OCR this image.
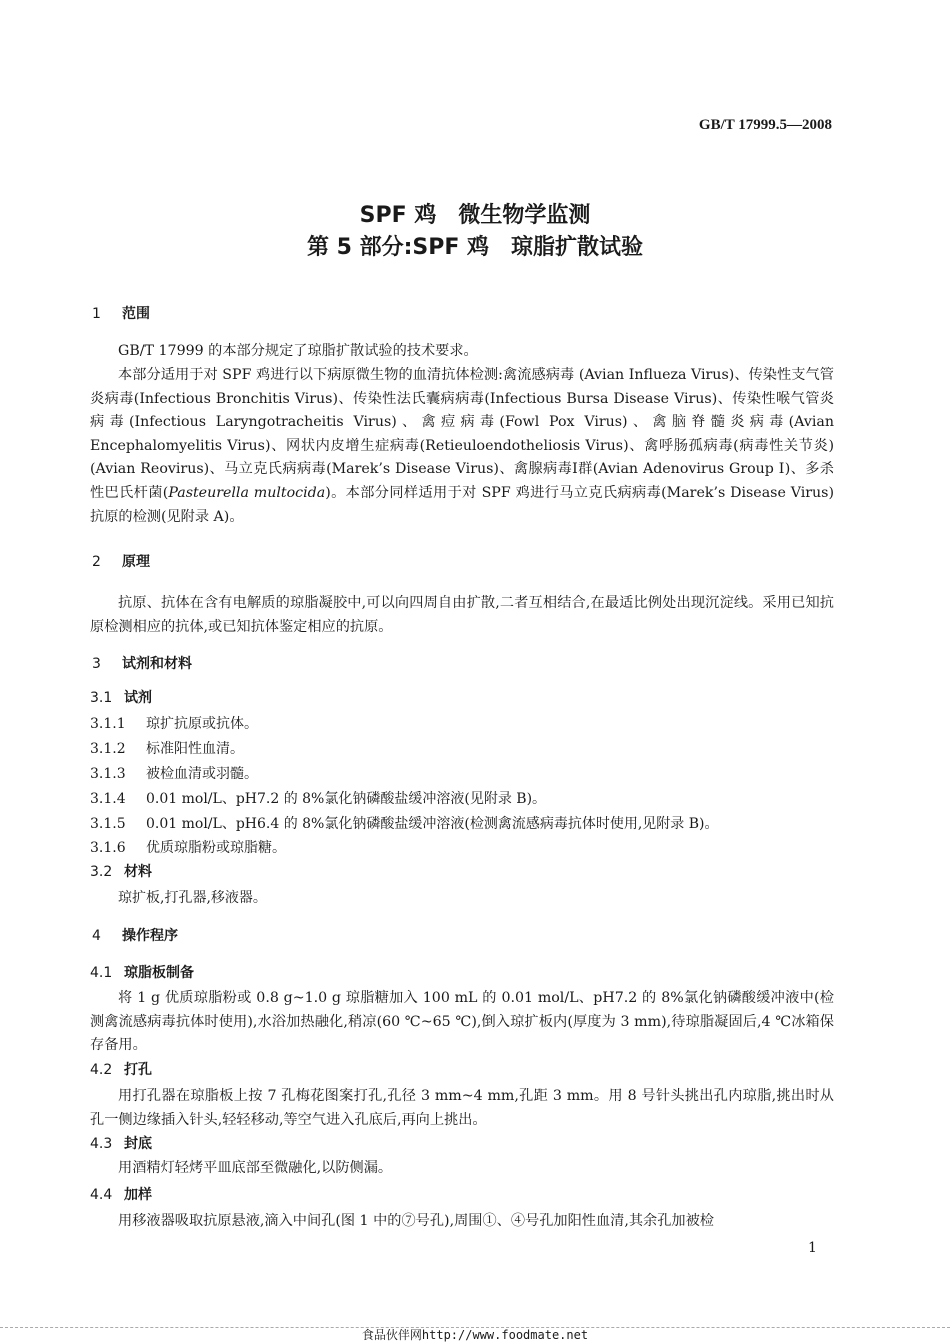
GB/T 17999.5—2008
SPF 鸡　微生物学监测
第 5 部分:SPF 鸡　琼脂扩散试验
1 范围
GB/T 17999 的本部分规定了琼脂扩散试验的技术要求。
本部分适用于对 SPF 鸡进行以下病原微生物的血清抗体检测:禽流感病毒 (Avian Influeza Virus)、传染性支气管炎病毒(Infectious Bronchitis Virus)、传染性法氏囊病病毒(Infectious Bursa Disease Virus)、传染性喉气管炎病毒(Infectious Laryngotracheitis Virus)、禽痘病毒(Fowl Pox Virus)、禽脑脊髓炎病毒(Avian Encephalomyelitis Virus)、网状内皮增生症病毒(Retieuloendotheliosis Virus)、禽呼肠孤病毒(病毒性关节炎)(Avian Reovirus)、马立克氏病病毒(Marek’s Disease Virus)、禽腺病毒Ⅰ群(Avian Adenovirus Group Ⅰ)、多杀性巴氏杆菌(Pasteurella multocida)。本部分同样适用于对 SPF 鸡进行马立克氏病病毒(Marek’s Disease Virus)抗原的检测(见附录 A)。
2 原理
抗原、抗体在含有电解质的琼脂凝胶中,可以向四周自由扩散,二者互相结合,在最适比例处出现沉淀线。采用已知抗原检测相应的抗体,或已知抗体鉴定相应的抗原。
3 试剂和材料
3.1 试剂
3.1.1 琼扩抗原或抗体。
3.1.2 标准阳性血清。
3.1.3 被检血清或羽髓。
3.1.4 0.01 mol/L、pH7.2 的 8%氯化钠磷酸盐缓冲溶液(见附录 B)。
3.1.5 0.01 mol/L、pH6.4 的 8%氯化钠磷酸盐缓冲溶液(检测禽流感病毒抗体时使用,见附录 B)。
3.1.6 优质琼脂粉或琼脂糖。
3.2 材料
琼扩板,打孔器,移液器。
4 操作程序
4.1 琼脂板制备
将 1 g 优质琼脂粉或 0.8 g~1.0 g 琼脂糖加入 100 mL 的 0.01 mol/L、pH7.2 的 8%氯化钠磷酸缓冲液中(检测禽流感病毒抗体时使用),水浴加热融化,稍凉(60 ℃~65 ℃),倒入琼扩板内(厚度为 3 mm),待琼脂凝固后,4 ℃冰箱保存备用。
4.2 打孔
用打孔器在琼脂板上按 7 孔梅花图案打孔,孔径 3 mm~4 mm,孔距 3 mm。用 8 号针头挑出孔内琼脂,挑出时从孔一侧边缘插入针头,轻轻移动,等空气进入孔底后,再向上挑出。
4.3 封底
用酒精灯轻烤平皿底部至微融化,以防侧漏。
4.4 加样
用移液器吸取抗原悬液,滴入中间孔(图 1 中的⑦号孔),周围①、④号孔加阳性血清,其余孔加被检
1
食品伙伴网http://www.foodmate.net
